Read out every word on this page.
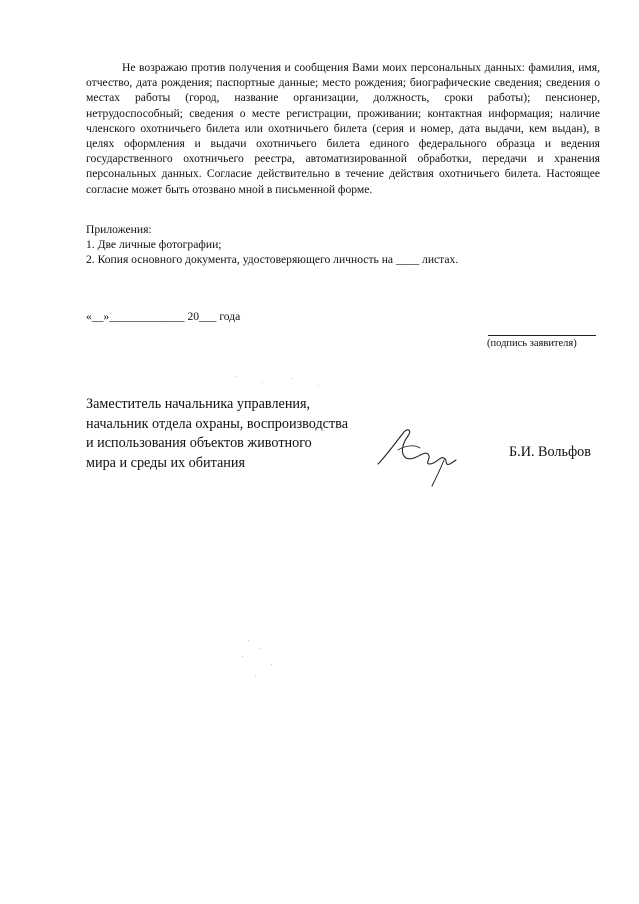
Не возражаю против получения и сообщения Вами моих персональных данных: фамилия, имя, отчество, дата рождения; паспортные данные; место рождения; биографические сведения; сведения о местах работы (город, название организации, должность, сроки работы); пенсионер, нетрудоспособный; сведения о месте регистрации, проживании; контактная информация; наличие членского охотничьего билета или охотничьего билета (серия и номер, дата выдачи, кем выдан), в целях оформления и выдачи охотничьего билета единого федерального образца и ведения государственного охотничьего реестра, автоматизированной обработки, передачи и хранения персональных данных. Согласие действительно в течение действия охотничьего билета. Настоящее согласие может быть отозвано мной в письменной форме.

Приложения:
1. Две личные фотографии;
2. Копия основного документа, удостоверяющего личность на ____ листах.
«__»_____________ 20___ года
(подпись заявителя)
Заместитель начальника управления,
начальник отдела охраны, воспроизводства
и использования объектов животного
мира и среды их обитания
Б.И. Вольфов
